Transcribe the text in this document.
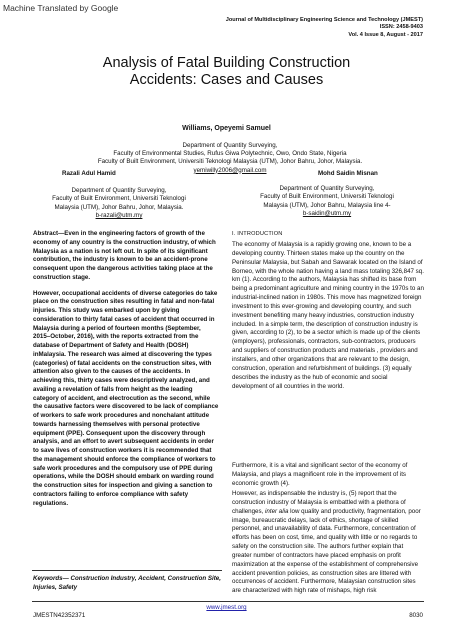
Machine Translated by Google
Journal of Multidisciplinary Engineering Science and Technology (JMEST)
ISSN: 2458-9403
Vol. 4 Issue 8, August - 2017
Analysis of Fatal Building Construction
Accidents: Cases and Causes
Williams, Opeyemi Samuel
Department of Quantity Surveying,
Faculty of Environmental Studies, Rufus Giwa Polytechnic, Owo, Ondo State, Nigeria
Faculty of Built Environment, Universiti Teknologi Malaysia (UTM), Johor Bahru, Johor, Malaysia.
yemiwilly2006@gmail.com
Razali Adul Hamid
Department of Quantity Surveying,
Faculty of Built Environment, Universiti Teknologi
Malaysia (UTM), Johor Bahru, Johor, Malaysia.
b-razali@utm.my
Mohd Saidin Misnan
Department of Quantity Surveying,
Faculty of Built Environment, Universiti Teknologi
Malaysia (UTM), Johor Bahru, Malaysia line 4-
b-saidin@utm.my

Abstract—Even in the engineering factors of growth of the economy of any country is the construction industry, of which Malaysia as a nation is not left out. In spite of its significant contribution, the industry is known to be an accident-prone consequent upon the dangerous activities taking place at the construction stage.

However, occupational accidents of diverse categories do take place on the construction sites resulting in fatal and non-fatal injuries. This study was embarked upon by giving consideration to thirty fatal cases of accident that occurred in Malaysia during a period of fourteen months (September, 2015–October, 2016), with the reports extracted from the database of Department of Safety and Health (DOSH) inMalaysia. The research was aimed at discovering the types (categories) of fatal accidents on the construction sites, with attention also given to the causes of the accidents. In achieving this, thirty cases were descriptively analyzed, and availing a revelation of falls from height as the leading category of accident, and electrocution as the second, while the causative factors were discovered to be lack of compliance of workers to safe work procedures and nonchalant attitude towards harnessing themselves with personal protective equipment (PPE). Consequent upon the discovery through analysis, and an effort to avert subsequent accidents in order to save lives of construction workers it is recommended that the management should enforce the compliance of workers to safe work procedures and the compulsory use of PPE during operations, while the DOSH should embark on warding round the construction sites for inspection and giving a sanction to contractors failing to enforce compliance with safety regulations.

I. INTRODUCTION
The economy of Malaysia is a rapidly growing one, known to be a developing country. Thirteen states make up the country on the Peninsular Malaysia, but Sabah and Sawarak located on the Island of Borneo, with the whole nation having a land mass totaling 326,847 sq. km (1). According to the authors, Malaysia has shifted its base from being a predominant agriculture and mining country in the 1970s to an industrial-inclined nation in 1980s. This move has magnetized foreign investment to this ever-growing and developing country, and such investment benefiting many heavy industries, construction industry included. In a simple term, the description of construction industry is given, according to (2), to be a sector which is made up of the clients (employers), professionals, contractors, sub-contractors, producers and suppliers of construction products and materials , providers and installers, and other organizations that are relevant to the design, construction, operation and refurbishment of buildings. (3) equally describes the industry as the hub of economic and social development of all countries in the world.
Furthermore, it is a vital and significant sector of the economy of Malaysia, and plays a magnificent role in the improvement of its economic growth (4).
However, as indispensable the industry is, (5) report that the construction industry of Malaysia is embattled with a plethora of challenges, inter alia low quality and productivity, fragmentation, poor image, bureaucratic delays, lack of ethics, shortage of skilled personnel, and unavailability of data. Furthermore, concentration of efforts has been on cost, time, and quality with little or no regards to safety on the construction site. The authors further explain that greater number of contractors have placed emphasis on profit maximization at the expense of the establishment of comprehensive accident prevention policies, as construction sites are littered with occurrences of accident. Furthermore, Malaysian construction sites are characterized with high rate of mishaps, high risk
Keywords— Construction Industry, Accident, Construction Site, Injuries, Safety
www.jmest.org
JMESTN42352371	8030
